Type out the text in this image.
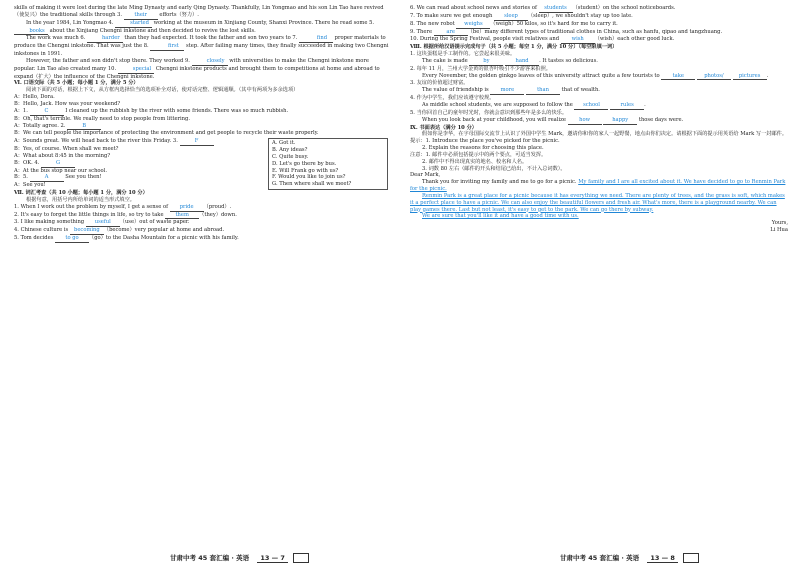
skills of making it were lost during the late Ming Dynasty and early Qing Dynasty. Thankfully, Lin Yongmao and his son Lin Tao have revived（使复兴）the traditional skills through 3. their efforts（努力）.

In the year 1984, Lin Yongmao 4.	started working at the museum in Xinjiang County, Shanxi Province. There he read some 5. books about the Xinjiang Chengni inkstone and then decided to revive the lost skills.

The work was much 6.	harder than they had expected. It took the father and son two years to 7.	find proper materials to produce the Chengni inkstone. That was just the 8.	first step. After failing many times, they finally succeeded in making two Chengni inkstones in 1991.

However, the father and son didn't stop there. They worked 9.	closely with universities to make the Chengni inkstone more popular. Lin Tao also created many 10.	special Chengni inkstone products and brought them to competitions at home and abroad to expand（扩大）the influence of the Chengni inkstone.

Ⅵ. 口语交际（共 5 小题；每小题 1 分，满分 5 分）

阅读下面的对话，根据上下文，从方框内选择恰当的选项补全对话，使对话完整、逻辑通顺。（其中有两项为多余选项）

A：Hello, Dora.

B：Hello, Jack. How was your weekend?

A：1.	C	I cleaned up the rubbish by the river with some friends. There was so much rubbish.

B：Oh, that's terrible. We really need to stop people from littering.

A：Totally agree. 2.	B

B：We can tell people the importance of protecting the environment and get people to recycle their waste properly.

A：Sounds great. We will head back to the river this Friday. 3.	F

B：Yes, of course. When shall we meet?

A：What about 8:45 in the morning?

B：OK. 4.	G

A：At the bus stop near our school.

B：5.	A	See you then!

A：See you!

A. Got it.

B. Any ideas?

C. Quite busy.

D. Let's go there by bus.

E. Will Frank go with us?

F. Would you like to join us?

G. Then where shall we meet?

Ⅶ. 词汇考查（共 10 小题；每小题 1 分，满分 10 分）

根据句意，用括号内所给单词的适当形式填空。

1. When I work out the problem by myself, I get a sense of pride （proud）.

2. It's easy to forget the little things in life, so try to take them （they）down.

3. I like making something useful （use）out of waste paper.

4. Chinese culture is becoming （become）very popular at home and abroad.

5. Tom decides to go （go）to the Dasha Mountain for a picnic with his family.

6. We can read about school news and stories of students （student）on the school noticeboards.

7. To make sure we get enough sleep （sleep）, we shouldn't stay up too late.

8. The new robot weighs （weigh）50 kilos, so it's hard for me to carry it.

9. There	are （be）many different types of traditional clothes in China, such as hanfu, qipao and tangzhuang.

10. During the Spring Festival, people visit relatives and wish （wish）each other good luck.

Ⅷ. 根据所给汉语提示完成句子（共 5 小题；每空 1 分，满分 10 分）（每空限填一词）

1. 这块蛋糕是手工制作的。它尝起来很美味。

The cake is made	by	hand . It tastes so delicious.

2. 每年 11 月，兰州大学金黄的银杏叶吸引不少游客来拍照。

Every November, the golden ginkgo leaves of this university attract quite a few tourists to take	photos/	pictures .

3. 友谊的价值超过财富。

The value of friendship is more	than that of wealth.

4. 作为中学生，我们应该遵守校规。

As middle school students, we are supposed to follow the school	rules .

5. 当你回首自己的童年时光时，你就会意识到那些年是多么的快乐。

When you look back at your childhood, you will realize	how	happy those days were.

Ⅸ. 书面表达（满分 10 分）

假如你是李华，在字母国际交流节上认识了外国中学生 Mark，邀请你和你的家人一起野餐，地点由你们决定。请根据下面的提示用英语给 Mark 写一封邮件。

提示：1. Introduce the place you've picked for the picnic.

2. Explain the reasons for choosing this place.

注意：1. 邮件中必须包括提示中的两个要点，可适当发挥。

2. 邮件中不得出现真实的地名、校名和人名。

3. 词数 80 左右（邮件的开头和结尾已给出，不计入总词数）。

Dear Mark,

Thank you for inviting my family and me to go for a picnic. My family and I are all excited about it. We have decided to go to Renmin Park for the picnic.

Renmin Park is a great place for a picnic because it has everything we need. There are plenty of trees, and the grass is soft, which makes it a perfect place to have a picnic. We can also enjoy the beautiful flowers and fresh air. What's more, there is a playground nearby. We can play games there. Last but not least, it's easy to get to the park. We can go there by subway.

We are sure that you'll like it and have a good time with us.

Yours,

Li Hua

甘肃中考 45 套汇编 · 英语 13 — 7	甘肃中考 45 套汇编 · 英语 13 — 8
